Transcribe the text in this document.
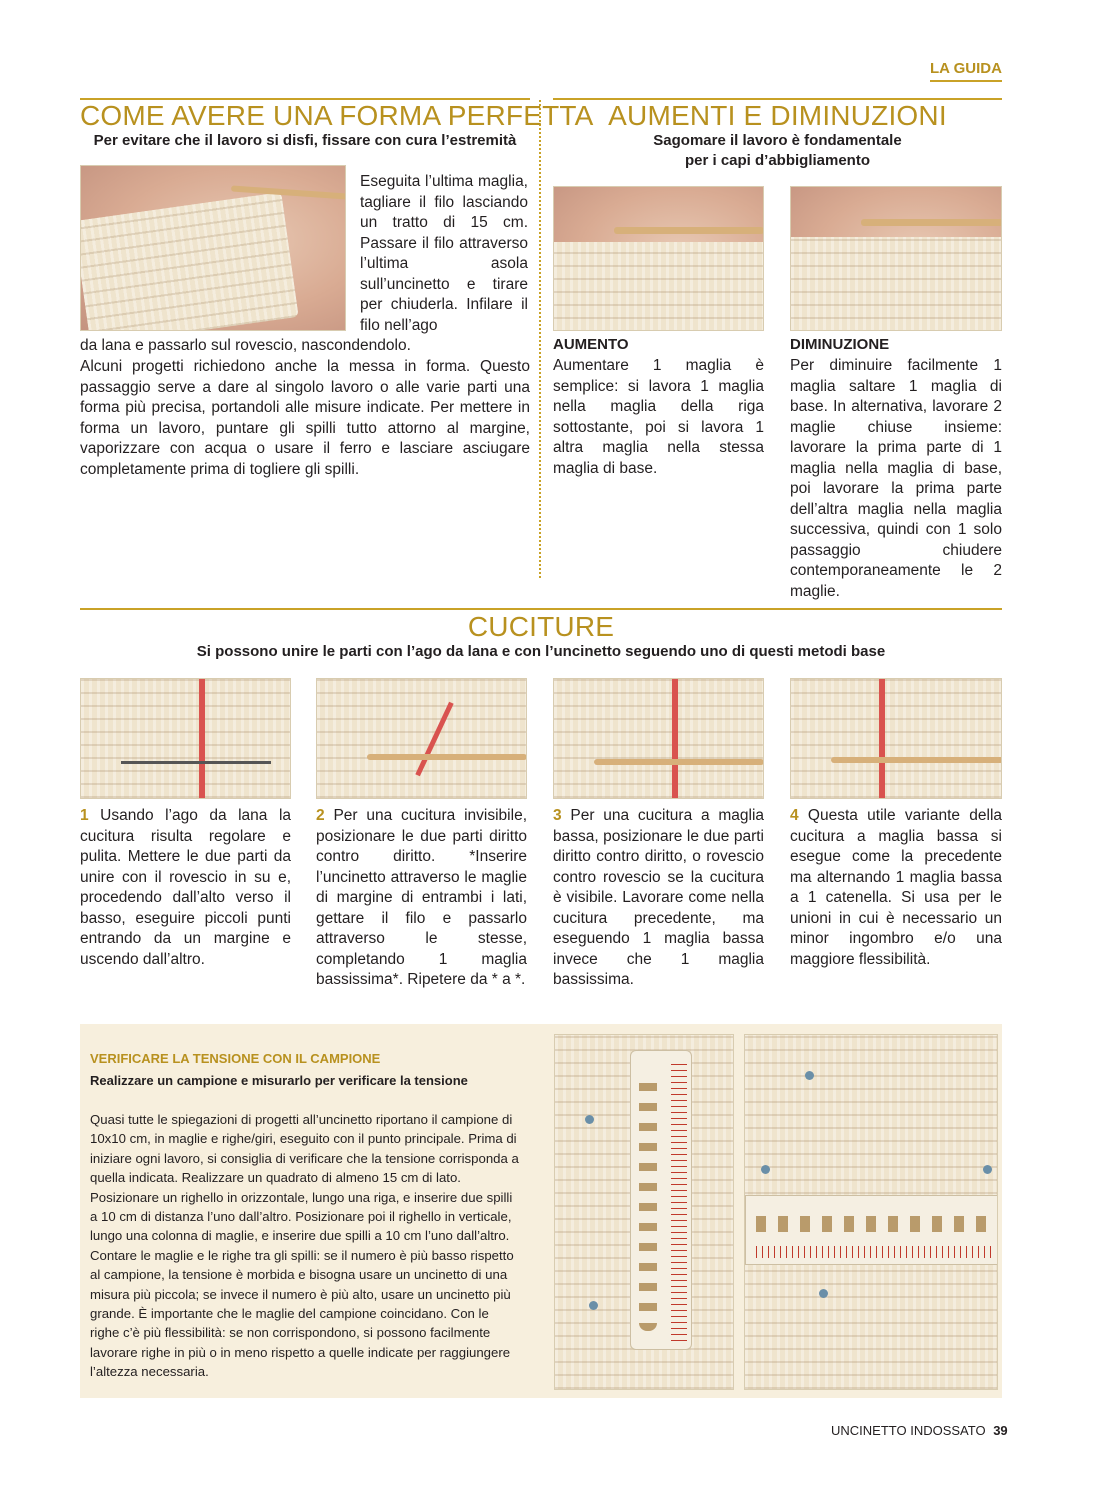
LA GUIDA
COME AVERE UNA FORMA PERFETTA
Per evitare che il lavoro si disfi, fissare con cura l’estremità
Eseguita l’ultima maglia, tagliare il filo lasciando un tratto di 15 cm. Passare il filo attraverso l’ultima asola sull’uncinetto e tirare per chiuderla. Infilare il filo nell’ago
da lana e passarlo sul rovescio, nascondendolo.
Alcuni progetti richiedono anche la messa in forma. Questo passaggio serve a dare al singolo lavoro o alle varie parti una forma più precisa, portandoli alle misure indicate. Per mettere in forma un lavoro, puntare gli spilli tutto attorno al margine, vaporizzare con acqua o usare il ferro e lasciare asciugare completamente prima di togliere gli spilli.
AUMENTI E DIMINUZIONI
Sagomare il lavoro è fondamentale
per i capi d’abbigliamento
AUMENTO
Aumentare 1 maglia è semplice: si lavora 1 maglia nella maglia della riga sottostante, poi si lavora 1 altra maglia nella stessa maglia di base.
DIMINUZIONE
Per diminuire facilmente 1 maglia saltare 1 maglia di base. In alternativa, lavorare 2 maglie chiuse insieme: lavorare la prima parte di 1 maglia nella maglia di base, poi lavorare la prima parte dell’altra maglia nella maglia successiva, quindi con 1 solo passaggio chiudere contemporaneamente le 2 maglie.
CUCITURE
Si possono unire le parti con l’ago da lana e con l’uncinetto seguendo uno di questi metodi base
1 Usando l’ago da lana la cucitura risulta regolare e pulita. Mettere le due parti da unire con il rovescio in su e, procedendo dall’alto verso il basso, eseguire piccoli punti entrando da un margine e uscendo dall’altro.
2 Per una cucitura invisibile, posizionare le due parti diritto contro diritto. *Inserire l’uncinetto attraverso le maglie di margine di entrambi i lati, gettare il filo e passarlo attraverso le stesse, completando 1 maglia bassissima*. Ripetere da * a *.
3 Per una cucitura a maglia bassa, posizionare le due parti diritto contro diritto, o rovescio contro rovescio se la cucitura è visibile. Lavorare come nella cucitura precedente, ma eseguendo 1 maglia bassa invece che 1 maglia bassissima.
4 Questa utile variante della cucitura a maglia bassa si esegue come la precedente ma alternando 1 maglia bassa a 1 catenella. Si usa per le unioni in cui è necessario un minor ingombro e/o una maggiore flessibilità.
VERIFICARE LA TENSIONE CON IL CAMPIONE
Realizzare un campione e misurarlo per verificare la tensione
Quasi tutte le spiegazioni di progetti all’uncinetto riportano il campione di 10x10 cm, in maglie e righe/giri, eseguito con il punto principale. Prima di iniziare ogni lavoro, si consiglia di verificare che la tensione corrisponda a quella indicata. Realizzare un quadrato di almeno 15 cm di lato. Posizionare un righello in orizzontale, lungo una riga, e inserire due spilli a 10 cm di distanza l’uno dall’altro. Posizionare poi il righello in verticale, lungo una colonna di maglie, e inserire due spilli a 10 cm l’uno dall’altro. Contare le maglie e le righe tra gli spilli: se il numero è più basso rispetto al campione, la tensione è morbida e bisogna usare un uncinetto di una misura più piccola; se invece il numero è più alto, usare un uncinetto più grande. È importante che le maglie del campione coincidano. Con le righe c’è più flessibilità: se non corrispondono, si possono facilmente lavorare righe in più o in meno rispetto a quelle indicate per raggiungere l’altezza necessaria.
UNCINETTO INDOSSATO 39
